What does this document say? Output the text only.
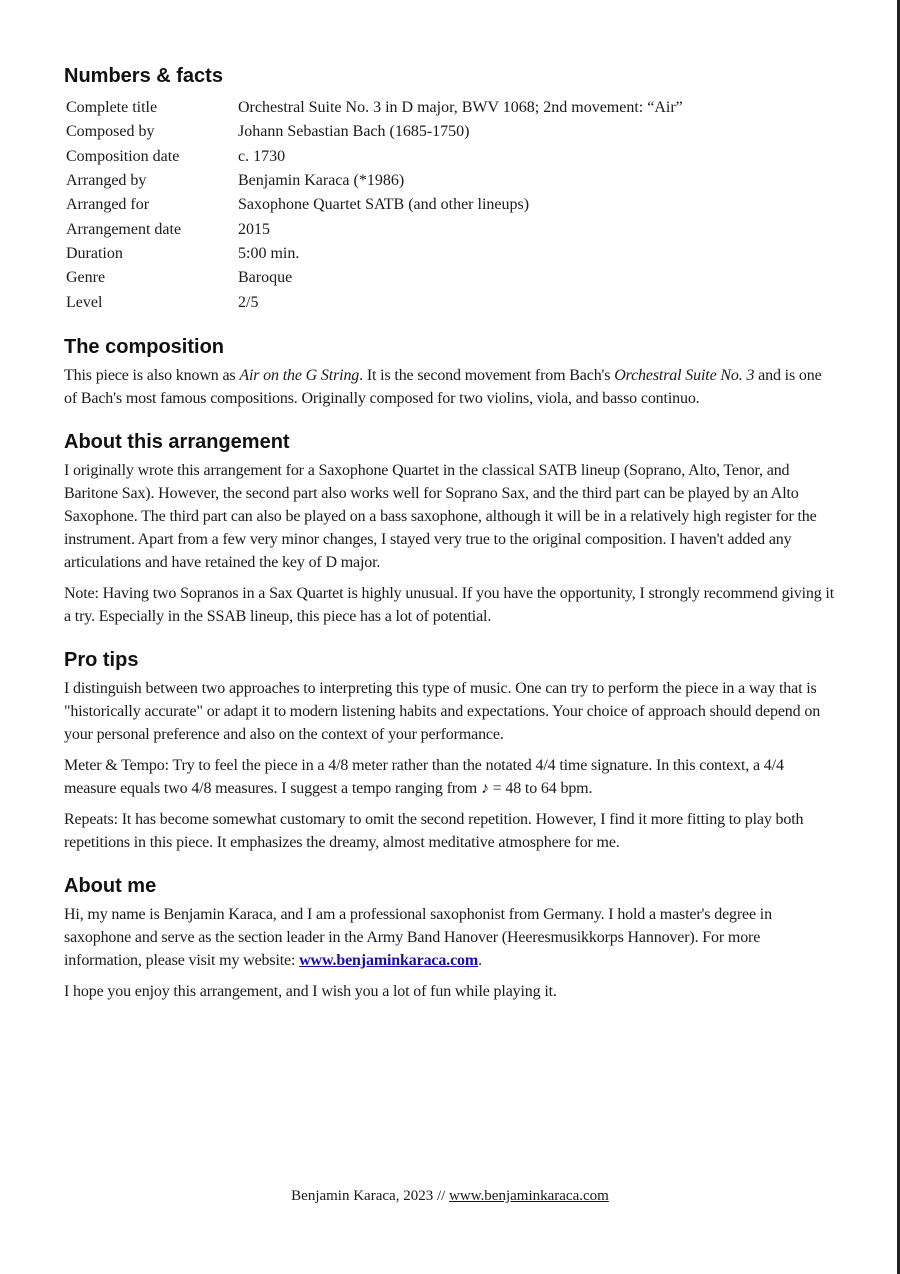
Numbers & facts
Complete title	Orchestral Suite No. 3 in D major, BWV 1068; 2nd movement: “Air”
Composed by	Johann Sebastian Bach (1685-1750)
Composition date	c. 1730
Arranged by	Benjamin Karaca (*1986)
Arranged for	Saxophone Quartet SATB (and other lineups)
Arrangement date	2015
Duration	5:00 min.
Genre	Baroque
Level	2/5
The composition

This piece is also known as Air on the G String. It is the second movement from Bach's Orchestral Suite No. 3 and is one of Bach's most famous compositions. Originally composed for two violins, viola, and basso continuo.

About this arrangement

I originally wrote this arrangement for a Saxophone Quartet in the classical SATB lineup (Soprano, Alto, Tenor, and Baritone Sax). However, the second part also works well for Soprano Sax, and the third part can be played by an Alto Saxophone. The third part can also be played on a bass saxophone, although it will be in a relatively high register for the instrument. Apart from a few very minor changes, I stayed very true to the original composition. I haven't added any articulations and have retained the key of D major.

Note: Having two Sopranos in a Sax Quartet is highly unusual. If you have the opportunity, I strongly recommend giving it a try. Especially in the SSAB lineup, this piece has a lot of potential.

Pro tips

I distinguish between two approaches to interpreting this type of music. One can try to perform the piece in a way that is "historically accurate" or adapt it to modern listening habits and expectations. Your choice of approach should depend on your personal preference and also on the context of your performance.

Meter & Tempo: Try to feel the piece in a 4/8 meter rather than the notated 4/4 time signature. In this context, a 4/4 measure equals two 4/8 measures. I suggest a tempo ranging from ♪ = 48 to 64 bpm.

Repeats: It has become somewhat customary to omit the second repetition. However, I find it more fitting to play both repetitions in this piece. It emphasizes the dreamy, almost meditative atmosphere for me.

About me

Hi, my name is Benjamin Karaca, and I am a professional saxophonist from Germany. I hold a master's degree in saxophone and serve as the section leader in the Army Band Hanover (Heeresmusikkorps Hannover). For more information, please visit my website: www.benjaminkaraca.com.

I hope you enjoy this arrangement, and I wish you a lot of fun while playing it.

Benjamin Karaca, 2023 // www.benjaminkaraca.com
